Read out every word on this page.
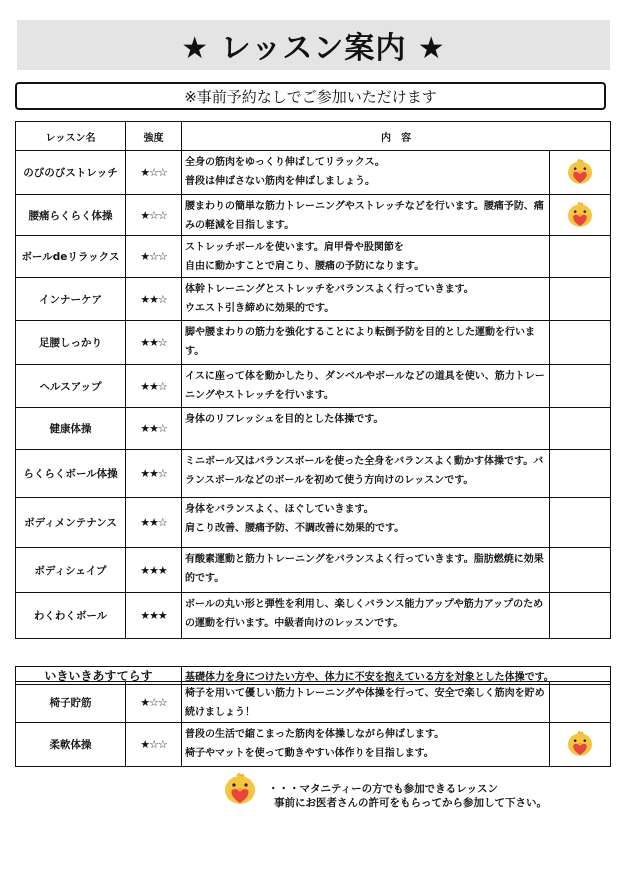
★ レッスン案内 ★
※事前予約なしでご参加いただけます
レッスン名	強度	内　容	
のびのびストレッチ	★☆☆	全身の筋肉をゆっくり伸ばしてリラックス。
普段は伸ばさない筋肉を伸ばしましょう。	
腰痛らくらく体操	★☆☆	腰まわりの簡単な筋力トレーニングやストレッチなどを行います。腰痛予防、痛みの軽減を目指します。	
ボールdeリラックス	★☆☆	ストレッチボールを使います。肩甲骨や股関節を
自由に動かすことで肩こり、腰痛の予防になります。	
インナーケア	★★☆	体幹トレーニングとストレッチをバランスよく行っていきます。
ウエスト引き締めに効果的です。	
足腰しっかり	★★☆	脚や腰まわりの筋力を強化することにより転倒予防を目的とした運動を行います。	
ヘルスアップ	★★☆	イスに座って体を動かしたり、ダンベルやボールなどの道具を使い、筋力トレーニングやストレッチを行います。	
健康体操	★★☆	身体のリフレッシュを目的とした体操です。	
らくらくボール体操	★★☆	ミニボール又はバランスボールを使った全身をバランスよく動かす体操です。バランスボールなどのボールを初めて使う方向けのレッスンです。	
ボディメンテナンス	★★☆	身体をバランスよく、ほぐしていきます。
肩こり改善、腰痛予防、不調改善に効果的です。	
ボディシェイプ	★★★	有酸素運動と筋力トレーニングをバランスよく行っていきます。脂肪燃焼に効果的です。	
わくわくボール	★★★	ボールの丸い形と弾性を利用し、楽しくバランス能力アップや筋力アップのための運動を行います。中級者向けのレッスンです。	
いきいきあすてらす	基礎体力を身につけたい方や、体力に不安を抱えている方を対象とした体操です。
椅子貯筋	★☆☆	椅子を用いて優しい筋力トレーニングや体操を行って、安全で楽しく筋肉を貯め続けましょう！	
柔軟体操	★☆☆	普段の生活で縮こまった筋肉を体操しながら伸ばします。
椅子やマットを使って動きやすい体作りを目指します。	
・・・マタニティーの方でも参加できるレッスン
事前にお医者さんの許可をもらってから参加して下さい。
